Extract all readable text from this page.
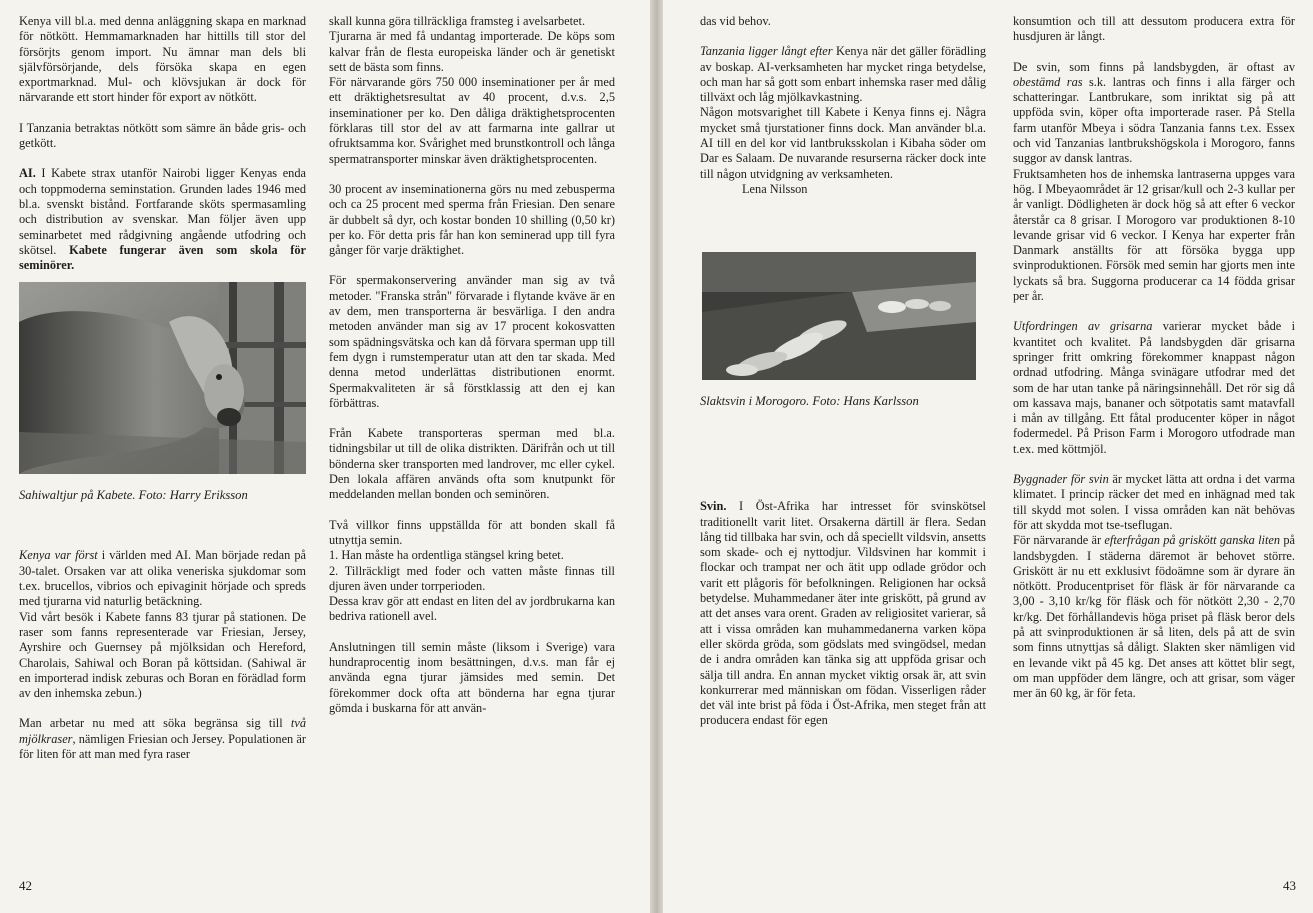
Kenya vill bl.a. med denna anläggning skapa en marknad för nötkött. Hemmamarknaden har hittills till stor del försörjts genom import. Nu ämnar man dels bli självförsörjande, dels försöka skapa en egen exportmarknad. Mul- och klövsjukan är dock för närvarande ett stort hinder för export av nötkött.

I Tanzania betraktas nötkött som sämre än både gris- och getkött.

AI. I Kabete strax utanför Nairobi ligger Kenyas enda och toppmoderna seminstation. Grunden lades 1946 med bl.a. svenskt bistånd. Fortfarande sköts spermasamling och distribution av svenskar. Man följer även upp seminarbetet med rådgivning angående utfodring och skötsel. Kabete fungerar även som skola för seminörer.

Sahiwaltjur på Kabete. Foto: Harry Eriksson

Kenya var först i världen med AI. Man började redan på 30-talet. Orsaken var att olika veneriska sjukdomar som t.ex. brucellos, vibrios och epivaginit hörjade och spreds med tjurarna vid naturlig betäckning.

Vid vårt besök i Kabete fanns 83 tjurar på stationen. De raser som fanns representerade var Friesian, Jersey, Ayrshire och Guernsey på mjölksidan och Hereford, Charolais, Sahiwal och Boran på köttsidan. (Sahiwal är en importerad indisk zeburas och Boran en förädlad form av den inhemska zebun.)

Man arbetar nu med att söka begränsa sig till två mjölkraser, nämligen Friesian och Jersey. Populationen är för liten för att man med fyra raser

skall kunna göra tillräckliga framsteg i avelsarbetet.

Tjurarna är med få undantag importerade. De köps som kalvar från de flesta europeiska länder och är genetiskt sett de bästa som finns.

För närvarande görs 750 000 inseminationer per år med ett dräktighetsresultat av 40 procent, d.v.s. 2,5 inseminationer per ko. Den dåliga dräktighetsprocenten förklaras till stor del av att farmarna inte gallrar ut ofruktsamma kor. Svårighet med brunstkontroll och långa spermatransporter minskar även dräktighetsprocenten.

30 procent av inseminationerna görs nu med zebusperma och ca 25 procent med sperma från Friesian. Den senare är dubbelt så dyr, och kostar bonden 10 shilling (0,50 kr) per ko. För detta pris får han kon seminerad upp till fyra gånger för varje dräktighet.

För spermakonservering använder man sig av två metoder. "Franska strån" förvarade i flytande kväve är en av dem, men transporterna är besvärliga. I den andra metoden använder man sig av 17 procent kokosvatten som spädningsvätska och kan då förvara sperman upp till fem dygn i rumstemperatur utan att den tar skada. Med denna metod underlättas distributionen enormt. Spermakvaliteten är så förstklassig att den ej kan förbättras.

Från Kabete transporteras sperman med bl.a. tidningsbilar ut till de olika distrikten. Därifrån och ut till bönderna sker transporten med landrover, mc eller cykel. Den lokala affären används ofta som knutpunkt för meddelanden mellan bonden och seminören.

Två villkor finns uppställda för att bonden skall få utnyttja semin.

1. Han måste ha ordentliga stängsel kring betet.

2. Tillräckligt med foder och vatten måste finnas till djuren även under torrperioden.

Dessa krav gör att endast en liten del av jordbrukarna kan bedriva rationell avel.

Anslutningen till semin måste (liksom i Sverige) vara hundraprocentig inom besättningen, d.v.s. man får ej använda egna tjurar jämsides med semin. Det förekommer dock ofta att bönderna har egna tjurar gömda i buskarna för att använ-

42

das vid behov.

Tanzania ligger långt efter Kenya när det gäller förädling av boskap. AI-verksamheten har mycket ringa betydelse, och man har så gott som enbart inhemska raser med dålig tillväxt och låg mjölkavkastning.

Någon motsvarighet till Kabete i Kenya finns ej. Några mycket små tjurstationer finns dock. Man använder bl.a. AI till en del kor vid lantbruksskolan i Kibaha söder om Dar es Salaam. De nuvarande resurserna räcker dock inte till någon utvidgning av verksamheten.

Lena Nilsson

Slaktsvin i Morogoro. Foto: Hans Karlsson

Svin. I Öst-Afrika har intresset för svinskötsel traditionellt varit litet. Orsakerna därtill är flera. Sedan lång tid tillbaka har svin, och då speciellt vildsvin, ansetts som skade- och ej nyttodjur. Vildsvinen har kommit i flockar och trampat ner och ätit upp odlade grödor och varit ett plågoris för befolkningen. Religionen har också betydelse. Muhammedaner äter inte griskött, på grund av att det anses vara orent. Graden av religiositet varierar, så att i vissa områden kan muhammedanerna varken köpa eller skörda gröda, som gödslats med svingödsel, medan de i andra områden kan tänka sig att uppföda grisar och sälja till andra. En annan mycket viktig orsak är, att svin konkurrerar med människan om födan. Visserligen råder det väl inte brist på föda i Öst-Afrika, men steget från att producera endast för egen

konsumtion och till att dessutom producera extra för husdjuren är långt.

De svin, som finns på landsbygden, är oftast av obestämd ras s.k. lantras och finns i alla färger och schatteringar. Lantbrukare, som inriktat sig på att uppföda svin, köper ofta importerade raser. På Stella farm utanför Mbeya i södra Tanzania fanns t.ex. Essex och vid Tanzanias lantbrukshögskola i Morogoro, fanns suggor av dansk lantras.

Fruktsamheten hos de inhemska lantraserna uppges vara hög. I Mbeyaområdet är 12 grisar/kull och 2-3 kullar per år vanligt. Dödligheten är dock hög så att efter 6 veckor återstår ca 8 grisar. I Morogoro var produktionen 8-10 levande grisar vid 6 veckor. I Kenya har experter från Danmark anställts för att försöka bygga upp svinproduktionen. Försök med semin har gjorts men inte lyckats så bra. Suggorna producerar ca 14 födda grisar per år.

Utfordringen av grisarna varierar mycket både i kvantitet och kvalitet. På landsbygden där grisarna springer fritt omkring förekommer knappast någon ordnad utfodring. Många svinägare utfodrar med det som de har utan tanke på näringsinnehåll. Det rör sig då om kassava majs, bananer och sötpotatis samt matavfall i mån av tillgång. Ett fåtal producenter köper in något fodermedel. På Prison Farm i Morogoro utfodrade man t.ex. med köttmjöl.

Byggnader för svin är mycket lätta att ordna i det varma klimatet. I princip räcker det med en inhägnad med tak till skydd mot solen. I vissa områden kan nät behövas för att skydda mot tse-tseflugan.

För närvarande är efterfrågan på griskött ganska liten på landsbygden. I städerna däremot är behovet större. Griskött är nu ett exklusivt födoämne som är dyrare än nötkött. Producentpriset för fläsk är för närvarande ca 3,00 - 3,10 kr/kg för fläsk och för nötkött 2,30 - 2,70 kr/kg. Det förhållandevis höga priset på fläsk beror dels på att svinproduktionen är så liten, dels på att de svin som finns utnyttjas så dåligt. Slakten sker nämligen vid en levande vikt på 45 kg. Det anses att köttet blir segt, om man uppföder dem längre, och att grisar, som väger mer än 60 kg, är för feta.

43
